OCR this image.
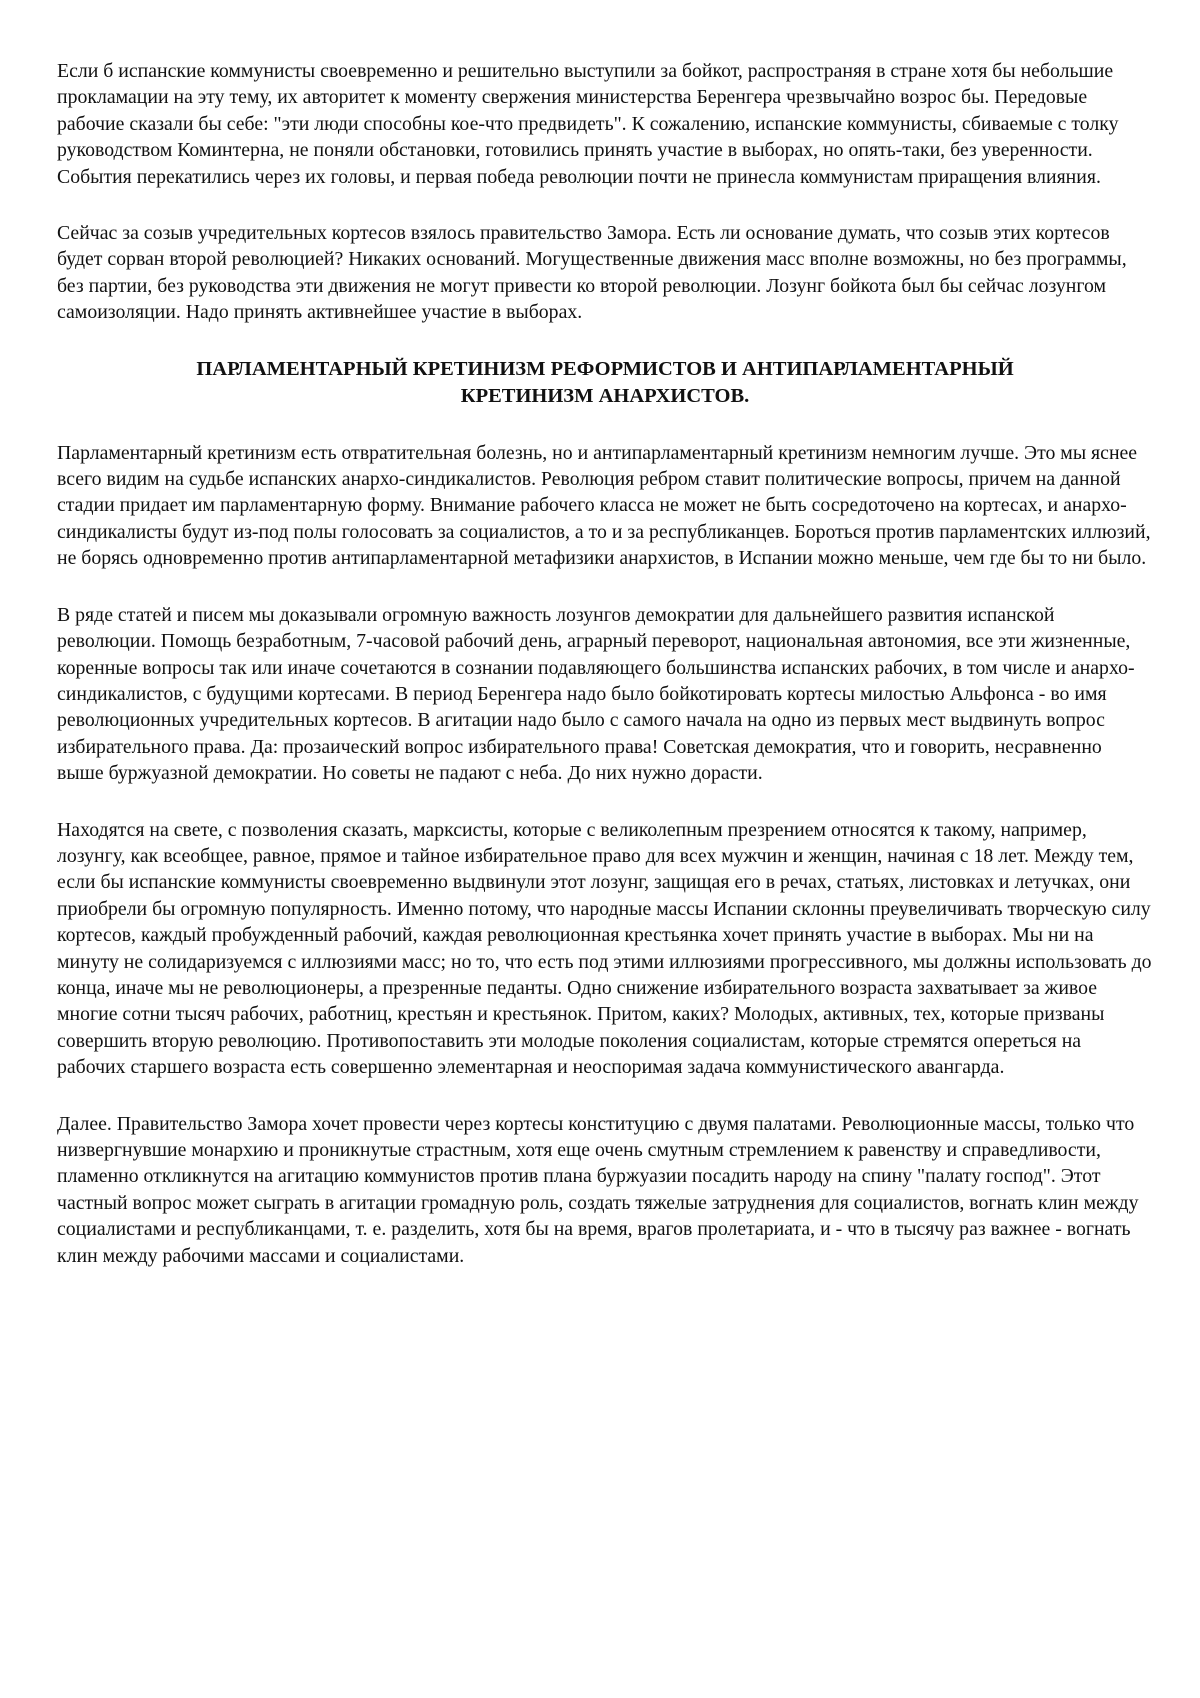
Если б испанские коммунисты своевременно и решительно выступили за бойкот, распространяя в стране хотя бы небольшие прокламации на эту тему, их авторитет к моменту свержения министерства Беренгера чрезвычайно возрос бы. Передовые рабочие сказали бы себе: "эти люди способны кое-что предвидеть". К сожалению, испанские коммунисты, сбиваемые с толку руководством Коминтерна, не поняли обстановки, готовились принять участие в выборах, но опять-таки, без уверенности. События перекатились через их головы, и первая победа революции почти не принесла коммунистам приращения влияния.

Сейчас за созыв учредительных кортесов взялось правительство Замора. Есть ли основание думать, что созыв этих кортесов будет сорван второй революцией? Никаких оснований. Могущественные движения масс вполне возможны, но без программы, без партии, без руководства эти движения не могут привести ко второй революции. Лозунг бойкота был бы сейчас лозунгом самоизоляции. Надо принять активнейшее участие в выборах.

ПАРЛАМЕНТАРНЫЙ КРЕТИНИЗМ РЕФОРМИСТОВ И АНТИПАРЛАМЕНТАРНЫЙ
КРЕТИНИЗМ АНАРХИСТОВ.

Парламентарный кретинизм есть отвратительная болезнь, но и антипарламентарный кретинизм немногим лучше. Это мы яснее всего видим на судьбе испанских анархо-синдикалистов. Революция ребром ставит политические вопросы, причем на данной стадии придает им парламентарную форму. Внимание рабочего класса не может не быть сосредоточено на кортесах, и анархо-синдикалисты будут из-под полы голосовать за социалистов, а то и за республиканцев. Бороться против парламентских иллюзий, не борясь одновременно против антипарламентарной метафизики анархистов, в Испании можно меньше, чем где бы то ни было.

В ряде статей и писем мы доказывали огромную важность лозунгов демократии для дальнейшего развития испанской революции. Помощь безработным, 7-часовой рабочий день, аграрный переворот, национальная автономия, все эти жизненные, коренные вопросы так или иначе сочетаются в сознании подавляющего большинства испанских рабочих, в том числе и анархо-синдикалистов, с будущими кортесами. В период Беренгера надо было бойкотировать кортесы милостью Альфонса - во имя революционных учредительных кортесов. В агитации надо было с самого начала на одно из первых мест выдвинуть вопрос избирательного права. Да: прозаический вопрос избирательного права! Советская демократия, что и говорить, несравненно выше буржуазной демократии. Но советы не падают с неба. До них нужно дорасти.

Находятся на свете, с позволения сказать, марксисты, которые с великолепным презрением относятся к такому, например, лозунгу, как всеобщее, равное, прямое и тайное избирательное право для всех мужчин и женщин, начиная с 18 лет. Между тем, если бы испанские коммунисты своевременно выдвинули этот лозунг, защищая его в речах, статьях, листовках и летучках, они приобрели бы огромную популярность. Именно потому, что народные массы Испании склонны преувеличивать творческую силу кортесов, каждый пробужденный рабочий, каждая революционная крестьянка хочет принять участие в выборах. Мы ни на минуту не солидаризуемся с иллюзиями масс; но то, что есть под этими иллюзиями прогрессивного, мы должны использовать до конца, иначе мы не революционеры, а презренные педанты. Одно снижение избирательного возраста захватывает за живое многие сотни тысяч рабочих, работниц, крестьян и крестьянок. Притом, каких? Молодых, активных, тех, которые призваны совершить вторую революцию. Противопоставить эти молодые поколения социалистам, которые стремятся опереться на рабочих старшего возраста есть совершенно элементарная и неоспоримая задача коммунистического авангарда.

Далее. Правительство Замора хочет провести через кортесы конституцию с двумя палатами. Революционные массы, только что низвергнувшие монархию и проникнутые страстным, хотя еще очень смутным стремлением к равенству и справедливости, пламенно откликнутся на агитацию коммунистов против плана буржуазии посадить народу на спину "палату господ". Этот частный вопрос может сыграть в агитации громадную роль, создать тяжелые затруднения для социалистов, вогнать клин между социалистами и республиканцами, т. е. разделить, хотя бы на время, врагов пролетариата, и - что в тысячу раз важнее - вогнать клин между рабочими массами и социалистами.
